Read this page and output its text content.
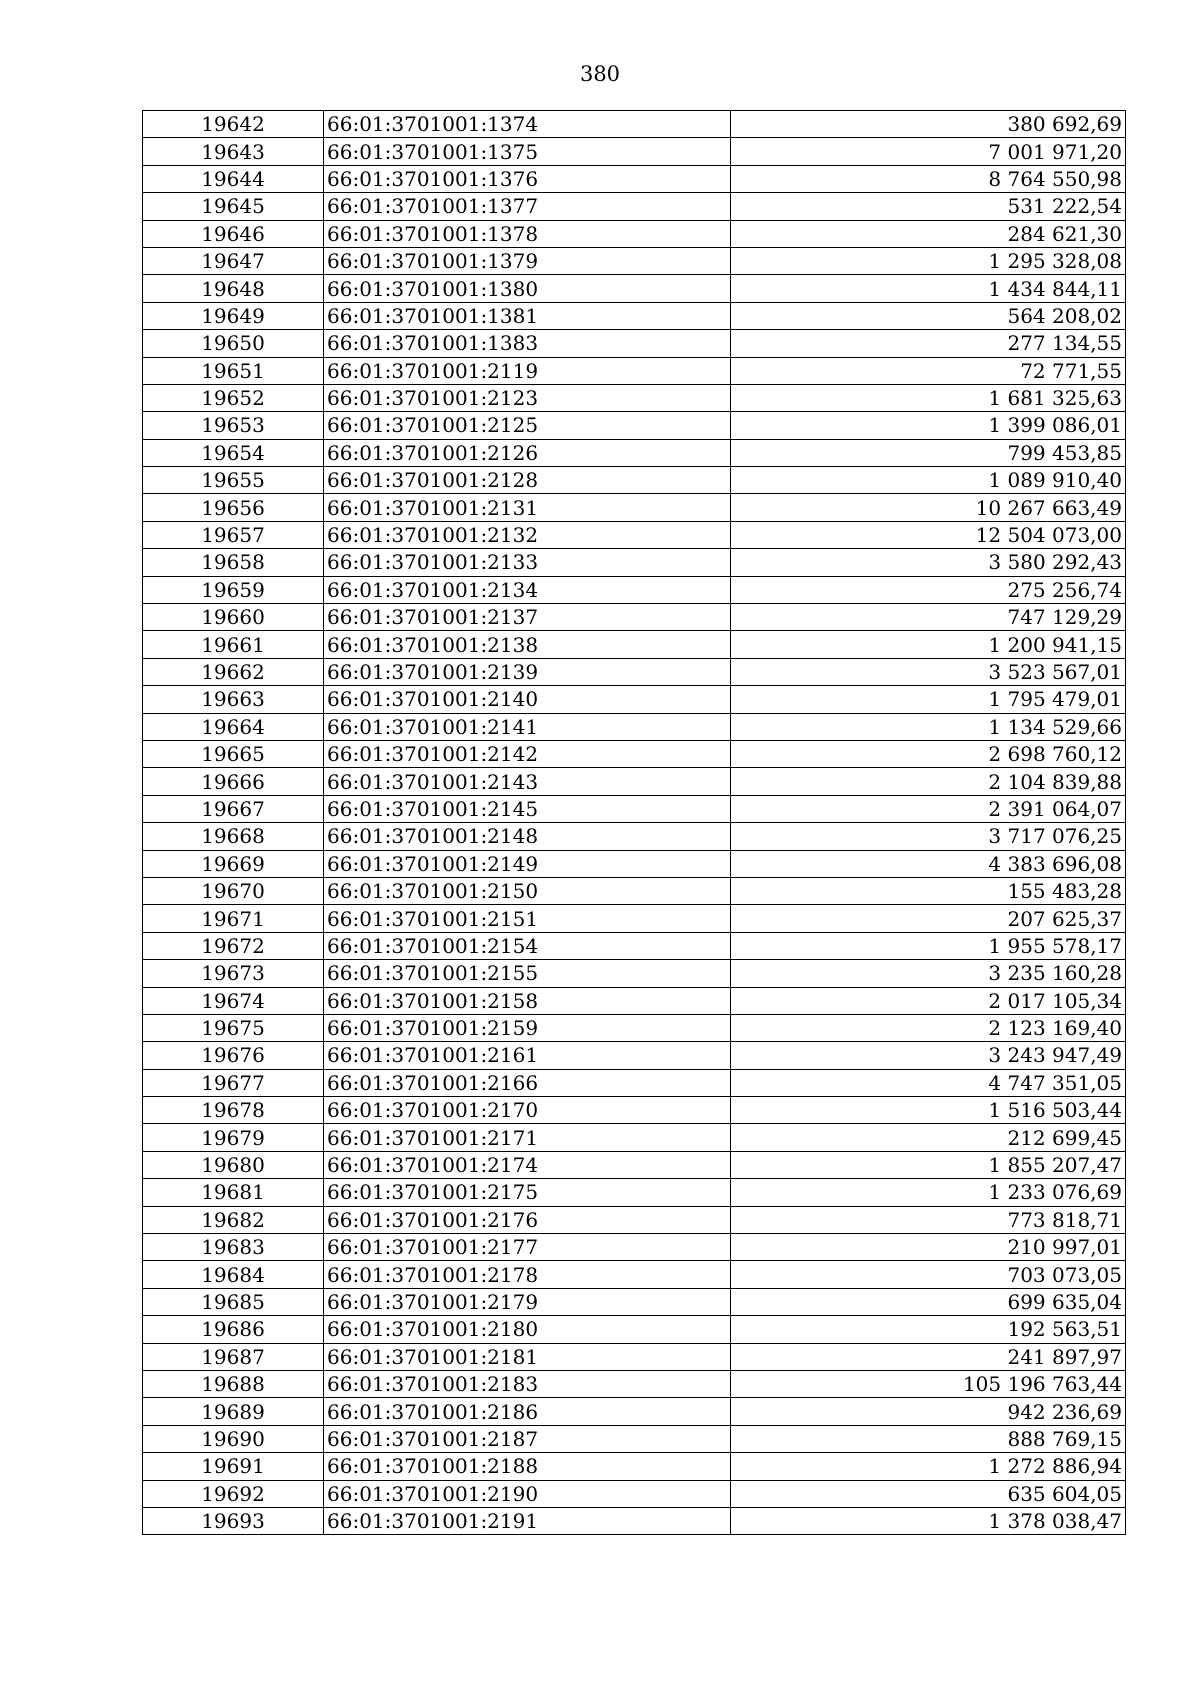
380
19642	66:01:3701001:1374	380 692,69
19643	66:01:3701001:1375	7 001 971,20
19644	66:01:3701001:1376	8 764 550,98
19645	66:01:3701001:1377	531 222,54
19646	66:01:3701001:1378	284 621,30
19647	66:01:3701001:1379	1 295 328,08
19648	66:01:3701001:1380	1 434 844,11
19649	66:01:3701001:1381	564 208,02
19650	66:01:3701001:1383	277 134,55
19651	66:01:3701001:2119	72 771,55
19652	66:01:3701001:2123	1 681 325,63
19653	66:01:3701001:2125	1 399 086,01
19654	66:01:3701001:2126	799 453,85
19655	66:01:3701001:2128	1 089 910,40
19656	66:01:3701001:2131	10 267 663,49
19657	66:01:3701001:2132	12 504 073,00
19658	66:01:3701001:2133	3 580 292,43
19659	66:01:3701001:2134	275 256,74
19660	66:01:3701001:2137	747 129,29
19661	66:01:3701001:2138	1 200 941,15
19662	66:01:3701001:2139	3 523 567,01
19663	66:01:3701001:2140	1 795 479,01
19664	66:01:3701001:2141	1 134 529,66
19665	66:01:3701001:2142	2 698 760,12
19666	66:01:3701001:2143	2 104 839,88
19667	66:01:3701001:2145	2 391 064,07
19668	66:01:3701001:2148	3 717 076,25
19669	66:01:3701001:2149	4 383 696,08
19670	66:01:3701001:2150	155 483,28
19671	66:01:3701001:2151	207 625,37
19672	66:01:3701001:2154	1 955 578,17
19673	66:01:3701001:2155	3 235 160,28
19674	66:01:3701001:2158	2 017 105,34
19675	66:01:3701001:2159	2 123 169,40
19676	66:01:3701001:2161	3 243 947,49
19677	66:01:3701001:2166	4 747 351,05
19678	66:01:3701001:2170	1 516 503,44
19679	66:01:3701001:2171	212 699,45
19680	66:01:3701001:2174	1 855 207,47
19681	66:01:3701001:2175	1 233 076,69
19682	66:01:3701001:2176	773 818,71
19683	66:01:3701001:2177	210 997,01
19684	66:01:3701001:2178	703 073,05
19685	66:01:3701001:2179	699 635,04
19686	66:01:3701001:2180	192 563,51
19687	66:01:3701001:2181	241 897,97
19688	66:01:3701001:2183	105 196 763,44
19689	66:01:3701001:2186	942 236,69
19690	66:01:3701001:2187	888 769,15
19691	66:01:3701001:2188	1 272 886,94
19692	66:01:3701001:2190	635 604,05
19693	66:01:3701001:2191	1 378 038,47
